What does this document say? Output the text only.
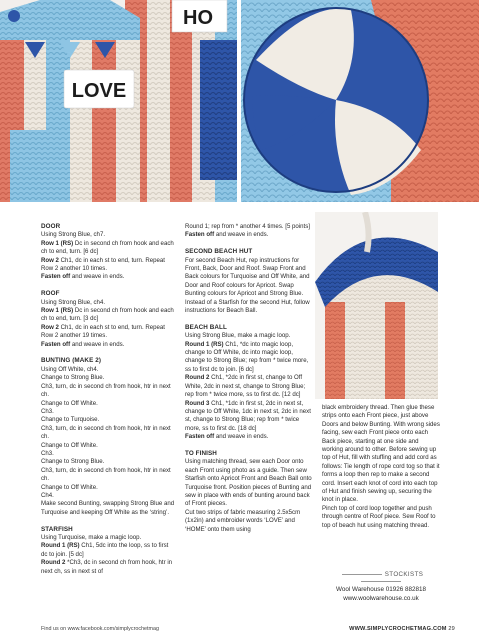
LOVE
HO
DOOR

Using Strong Blue, ch7.

Row 1 (RS) Dc in second ch from hook and each ch to end, turn. [6 dc]

Row 2 Ch1, dc in each st to end, turn. Repeat Row 2 another 10 times.

Fasten off and weave in ends.

ROOF

Using Strong Blue, ch4.

Row 1 (RS) Dc in second ch from hook and each ch to end, turn. [3 dc]

Row 2 Ch1, dc in each st to end, turn. Repeat Row 2 another 19 times.

Fasten off and weave in ends.

BUNTING (MAKE 2)

Using Off White, ch4.
Change to Strong Blue.
Ch3, turn, dc in second ch from hook, htr in next ch.
Change to Off White.
Ch3.
Change to Turquoise.
Ch3, turn, dc in second ch from hook, htr in next ch.
Change to Off White.
Ch3.
Change to Strong Blue.
Ch3, turn, dc in second ch from hook, htr in next ch.
Change to Off White.
Ch4.
Make second Bunting, swapping Strong Blue and Turquoise and keeping Off White as the ‘string’.

STARFISH

Using Turquoise, make a magic loop.

Round 1 (RS) Ch1, 5dc into the loop, ss to first dc to join. [5 dc]

Round 2 *Ch3, dc in second ch from hook, htr in next ch, ss in next st of

Round 1; rep from * another 4 times. [5 points]

Fasten off and weave in ends.

SECOND BEACH HUT

For second Beach Hut, rep instructions for Front, Back, Door and Roof. Swap Front and Back colours for Turquoise and Off White, and Door and Roof colours for Apricot. Swap Bunting colours for Apricot and Strong Blue. Instead of a Starfish for the second Hut, follow instructions for Beach Ball.

BEACH BALL

Using Strong Blue, make a magic loop.

Round 1 (RS) Ch1, *dc into magic loop, change to Off White, dc into magic loop, change to Strong Blue; rep from * twice more, ss to first dc to join. [6 dc]

Round 2 Ch1, *2dc in first st, change to Off White, 2dc in next st, change to Strong Blue; rep from * twice more, ss to first dc. [12 dc]

Round 3 Ch1, *1dc in first st, 2dc in next st, change to Off White, 1dc in next st, 2dc in next st, change to Strong Blue; rep from * twice more, ss to first dc. [18 dc]

Fasten off and weave in ends.

TO FINISH

Using matching thread, sew each Door onto each Front using photo as a guide. Then sew Starfish onto Apricot Front and Beach Ball onto Turquoise front. Position pieces of Bunting and sew in place with ends of bunting around back of Front pieces.

Cut two strips of fabric measuring 2.5x5cm (1x2in) and embroider words ‘LOVE’ and ‘HOME’ onto them using

black embroidery thread. Then glue these strips onto each Front piece, just above Doors and below Bunting. With wrong sides facing, sew each Front piece onto each Back piece, starting at one side and working around to other. Before sewing up top of Hut, fill with stuffing and add cord as follows: Tie length of rope cord tog so that it forms a loop then rep to make a second cord. Insert each knot of cord into each top of Hut and finish sewing up, securing the knot in place.
Pinch top of cord loop together and push through centre of Roof piece. Sew Roof to top of beach hut using matching thread.

STOCKISTS
Wool Warehouse 01926 882818
www.woolwarehouse.co.uk
Find us on www.facebook.com/simplycrochetmag	WWW.SIMPLYCROCHETMAG.COM 29
